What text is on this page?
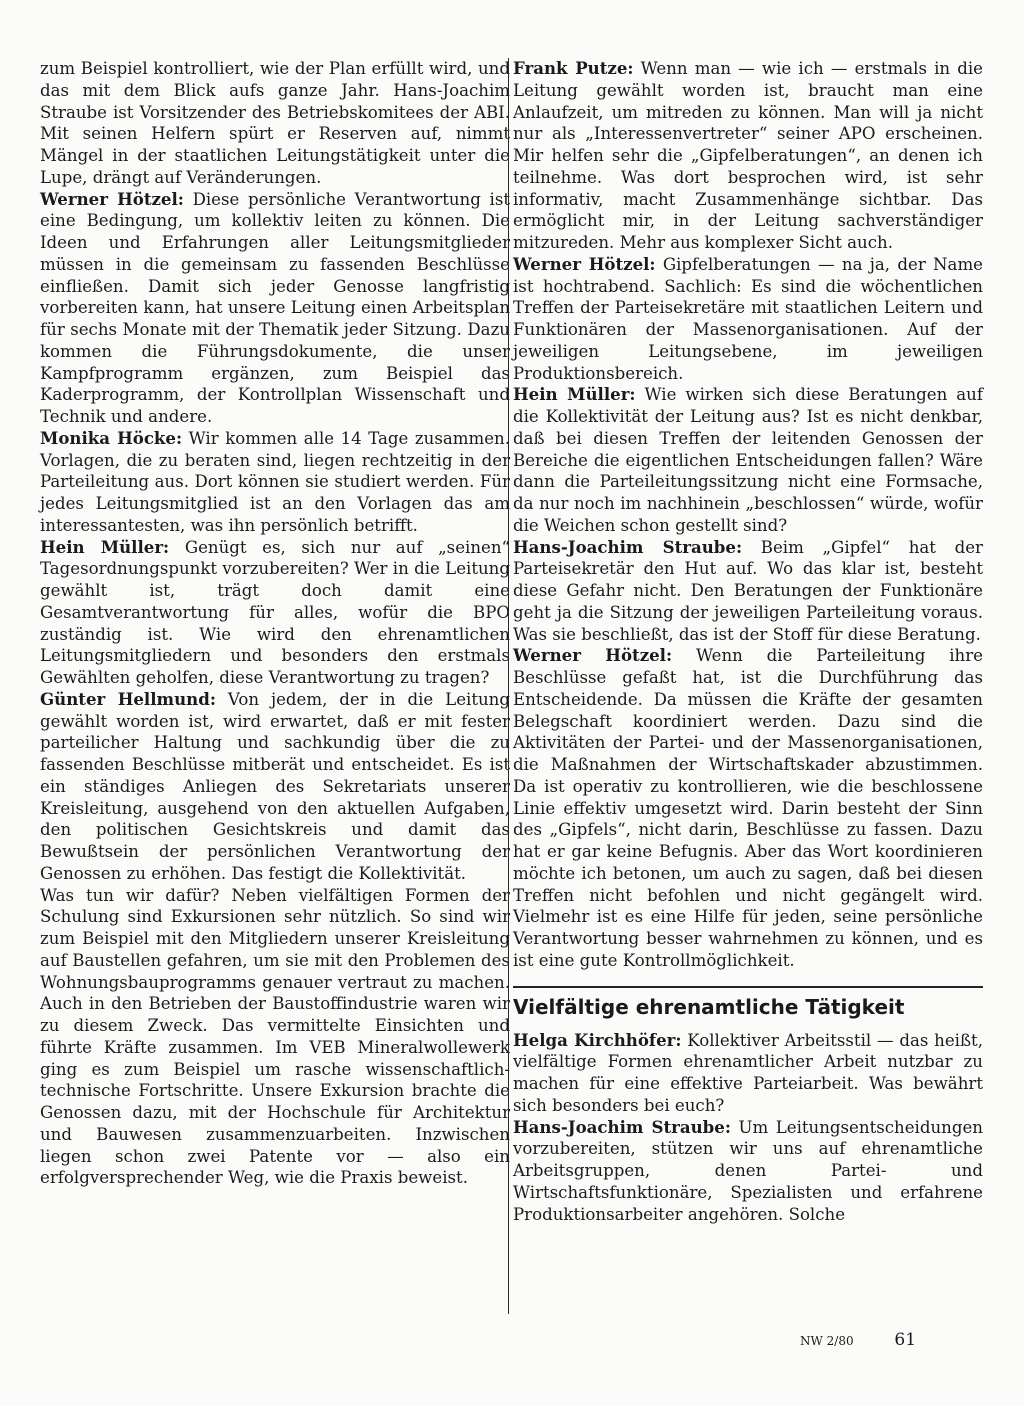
zum Beispiel kontrolliert, wie der Plan erfüllt wird, und das mit dem Blick aufs ganze Jahr. Hans-Joachim Straube ist Vorsitzender des Betriebskomitees der ABI. Mit seinen Helfern spürt er Reserven auf, nimmt Mängel in der staatlichen Leitungstätigkeit unter die Lupe, drängt auf Veränderungen.
Werner Hötzel: Diese persönliche Verantwortung ist eine Bedingung, um kollektiv leiten zu können. Die Ideen und Erfahrungen aller Leitungsmitglieder müssen in die gemeinsam zu fassenden Beschlüsse einfließen. Damit sich jeder Genosse langfristig vorbereiten kann, hat unsere Leitung einen Arbeitsplan für sechs Monate mit der Thematik jeder Sitzung. Dazu kommen die Führungsdokumente, die unser Kampfprogramm ergänzen, zum Beispiel das Kaderprogramm, der Kontrollplan Wissenschaft und Technik und andere.
Monika Höcke: Wir kommen alle 14 Tage zusammen. Vorlagen, die zu beraten sind, liegen rechtzeitig in der Parteileitung aus. Dort können sie studiert werden. Für jedes Leitungsmitglied ist an den Vorlagen das am interessantesten, was ihn persönlich betrifft.
Hein Müller: Genügt es, sich nur auf „seinen“ Tagesordnungspunkt vorzubereiten? Wer in die Leitung gewählt ist, trägt doch damit eine Gesamtverantwortung für alles, wofür die BPO zuständig ist. Wie wird den ehrenamtlichen Leitungsmitgliedern und besonders den erstmals Gewählten geholfen, diese Verantwortung zu tragen?
Günter Hellmund: Von jedem, der in die Leitung gewählt worden ist, wird erwartet, daß er mit fester parteilicher Haltung und sachkundig über die zu fassenden Beschlüsse mitberät und entscheidet. Es ist ein ständiges Anliegen des Sekretariats unserer Kreisleitung, ausgehend von den aktuellen Aufgaben, den politischen Gesichtskreis und damit das Bewußtsein der persönlichen Verantwortung der Genossen zu erhöhen. Das festigt die Kollektivität.
Was tun wir dafür? Neben vielfältigen Formen der Schulung sind Exkursionen sehr nützlich. So sind wir zum Beispiel mit den Mitgliedern unserer Kreisleitung auf Baustellen gefahren, um sie mit den Problemen des Wohnungsbauprogramms genauer vertraut zu machen. Auch in den Betrieben der Baustoffindustrie waren wir zu diesem Zweck. Das vermittelte Einsichten und führte Kräfte zusammen. Im VEB Mineralwollewerk ging es zum Beispiel um rasche wissenschaftlich-technische Fortschritte. Unsere Exkursion brachte die Genossen dazu, mit der Hochschule für Architektur und Bauwesen zusammenzuarbeiten. Inzwischen liegen schon zwei Patente vor — also ein erfolgversprechender Weg, wie die Praxis beweist.

Frank Putze: Wenn man — wie ich — erstmals in die Leitung gewählt worden ist, braucht man eine Anlaufzeit, um mitreden zu können. Man will ja nicht nur als „Interessenvertreter“ seiner APO erscheinen. Mir helfen sehr die „Gipfelberatungen“, an denen ich teilnehme. Was dort besprochen wird, ist sehr informativ, macht Zusammenhänge sichtbar. Das ermöglicht mir, in der Leitung sachverständiger mitzureden. Mehr aus komplexer Sicht auch.
Werner Hötzel: Gipfelberatungen — na ja, der Name ist hochtrabend. Sachlich: Es sind die wöchentlichen Treffen der Parteisekretäre mit staatlichen Leitern und Funktionären der Massenorganisationen. Auf der jeweiligen Leitungsebene, im jeweiligen Produktionsbereich.
Hein Müller: Wie wirken sich diese Beratungen auf die Kollektivität der Leitung aus? Ist es nicht denkbar, daß bei diesen Treffen der leitenden Genossen der Bereiche die eigentlichen Entscheidungen fallen? Wäre dann die Parteileitungssitzung nicht eine Formsache, da nur noch im nachhinein „beschlossen“ würde, wofür die Weichen schon gestellt sind?
Hans-Joachim Straube: Beim „Gipfel“ hat der Parteisekretär den Hut auf. Wo das klar ist, besteht diese Gefahr nicht. Den Beratungen der Funktionäre geht ja die Sitzung der jeweiligen Parteileitung voraus. Was sie beschließt, das ist der Stoff für diese Beratung.
Werner Hötzel: Wenn die Parteileitung ihre Beschlüsse gefaßt hat, ist die Durchführung das Entscheidende. Da müssen die Kräfte der gesamten Belegschaft koordiniert werden. Dazu sind die Aktivitäten der Partei- und der Massenorganisationen, die Maßnahmen der Wirtschaftskader abzustimmen. Da ist operativ zu kontrollieren, wie die beschlossene Linie effektiv umgesetzt wird. Darin besteht der Sinn des „Gipfels“, nicht darin, Beschlüsse zu fassen. Dazu hat er gar keine Befugnis. Aber das Wort koordinieren möchte ich betonen, um auch zu sagen, daß bei diesen Treffen nicht befohlen und nicht gegängelt wird. Vielmehr ist es eine Hilfe für jeden, seine persönliche Verantwortung besser wahrnehmen zu können, und es ist eine gute Kontrollmöglichkeit.

Vielfältige ehrenamtliche Tätigkeit

Helga Kirchhöfer: Kollektiver Arbeitsstil — das heißt, vielfältige Formen ehrenamtlicher Arbeit nutzbar zu machen für eine effektive Parteiarbeit. Was bewährt sich besonders bei euch?
Hans-Joachim Straube: Um Leitungsentscheidungen vorzubereiten, stützen wir uns auf ehrenamtliche Arbeitsgruppen, denen Partei- und Wirtschaftsfunktionäre, Spezialisten und erfahrene Produktionsarbeiter angehören. Solche

NW 2/80 61
